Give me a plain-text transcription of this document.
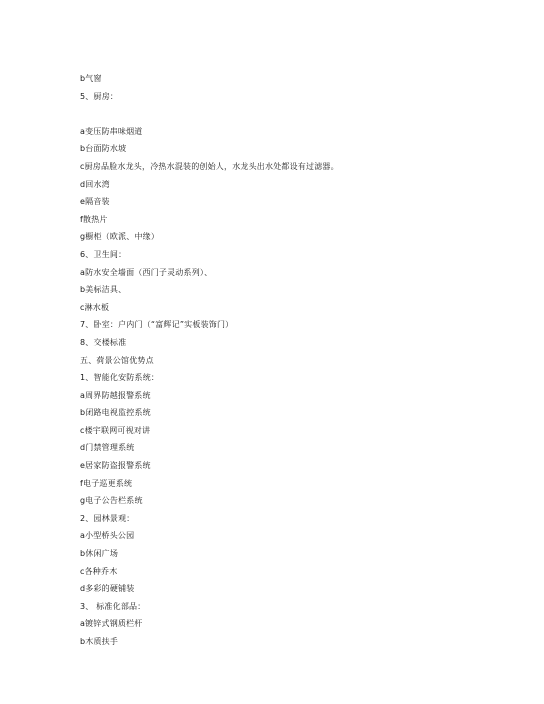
b气窗
5、厨房：
a变压防串味烟道
b台面防水坡
c厨房品脸水龙头，冷热水混装的创始人，水龙头出水处都设有过滤器。
d回水湾
e隔音装
f散热片
g橱柜（欧派、中缘）
6、卫生间：
a防水安全墙面（西门子灵动系列）、
b美标洁具、
c淋水板
7、卧室：户内门（“富辉记”实板装饰门）
8、交楼标准
五、荷景公馆优势点
1、智能化安防系统：
a周界防越报警系统
b闭路电视监控系统
c楼宇联网可视对讲
d门禁管理系统
e居家防盗报警系统
f电子巡更系统
g电子公告栏系统
2、园林景观：
a小型桥头公园
b休闲广场
c各种乔木
d多彩的硬铺装
3、 标准化部品：
a镀锌式钢质栏杆
b木质扶手
